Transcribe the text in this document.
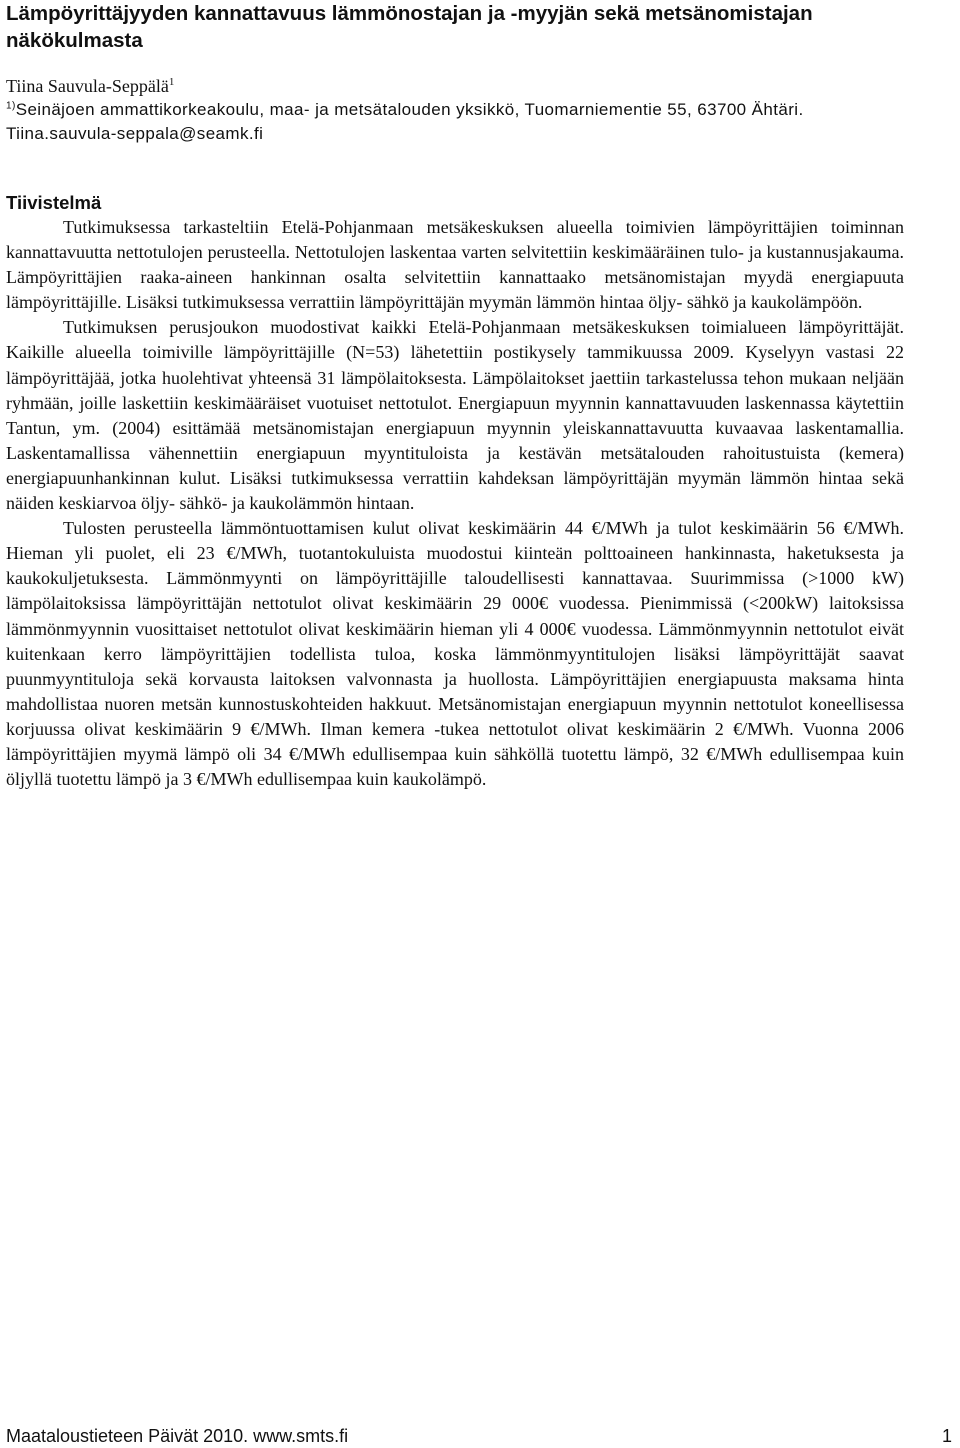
Lämpöyrittäjyyden kannattavuus lämmönostajan ja -myyjän sekä metsänomistajan näkökulmasta
Tiina Sauvula-Seppälä$^1$
$^{1)}$Seinäjoen ammattikorkeakoulu, maa- ja metsätalouden yksikkö, Tuomarniementie 55, 63700 Ähtäri.
Tiina.sauvula-seppala@seamk.fi
Tiivistelmä

Tutkimuksessa tarkasteltiin Etelä-Pohjanmaan metsäkeskuksen alueella toimivien lämpöyrittäjien toiminnan kannattavuutta nettotulojen perusteella. Nettotulojen laskentaa varten selvitettiin keskimääräinen tulo- ja kustannusjakauma. Lämpöyrittäjien raaka-aineen hankinnan osalta selvitettiin kannattaako metsänomistajan myydä energiapuuta lämpöyrittäjille. Lisäksi tutkimuksessa verrattiin lämpöyrittäjän myymän lämmön hintaa öljy- sähkö ja kaukolämpöön.

Tutkimuksen perusjoukon muodostivat kaikki Etelä-Pohjanmaan metsäkeskuksen toimialueen lämpöyrittäjät. Kaikille alueella toimiville lämpöyrittäjille (N=53) lähetettiin postikysely tammikuussa 2009. Kyselyyn vastasi 22 lämpöyrittäjää, jotka huolehtivat yhteensä 31 lämpölaitoksesta. Lämpölaitokset jaettiin tarkastelussa tehon mukaan neljään ryhmään, joille laskettiin keskimääräiset vuotuiset nettotulot. Energiapuun myynnin kannattavuuden laskennassa käytettiin Tantun, ym. (2004) esittämää metsänomistajan energiapuun myynnin yleiskannattavuutta kuvaavaa laskentamallia. Laskentamallissa vähennettiin energiapuun myyntituloista ja kestävän metsätalouden rahoitustuista (kemera) energiapuunhankinnan kulut. Lisäksi tutkimuksessa verrattiin kahdeksan lämpöyrittäjän myymän lämmön hintaa sekä näiden keskiarvoa öljy- sähkö- ja kaukolämmön hintaan.

Tulosten perusteella lämmöntuottamisen kulut olivat keskimäärin 44 €/MWh ja tulot keskimäärin 56 €/MWh. Hieman yli puolet, eli 23 €/MWh, tuotantokuluista muodostui kiinteän polttoaineen hankinnasta, haketuksesta ja kaukokuljetuksesta. Lämmönmyynti on lämpöyrittäjille taloudellisesti kannattavaa. Suurimmissa (>1000 kW) lämpölaitoksissa lämpöyrittäjän nettotulot olivat keskimäärin 29 000€ vuodessa. Pienimmissä (<200kW) laitoksissa lämmönmyynnin vuosittaiset nettotulot olivat keskimäärin hieman yli 4 000€ vuodessa. Lämmönmyynnin nettotulot eivät kuitenkaan kerro lämpöyrittäjien todellista tuloa, koska lämmönmyyntitulojen lisäksi lämpöyrittäjät saavat puunmyyntituloja sekä korvausta laitoksen valvonnasta ja huollosta. Lämpöyrittäjien energiapuusta maksama hinta mahdollistaa nuoren metsän kunnostuskohteiden hakkuut. Metsänomistajan energiapuun myynnin nettotulot koneellisessa korjuussa olivat keskimäärin 9 €/MWh. Ilman kemera -tukea nettotulot olivat keskimäärin 2 €/MWh. Vuonna 2006 lämpöyrittäjien myymä lämpö oli 34 €/MWh edullisempaa kuin sähköllä tuotettu lämpö, 32 €/MWh edullisempaa kuin öljyllä tuotettu lämpö ja 3 €/MWh edullisempaa kuin kaukolämpö.

Maataloustieteen Päivät 2010. www.smts.fi	1
